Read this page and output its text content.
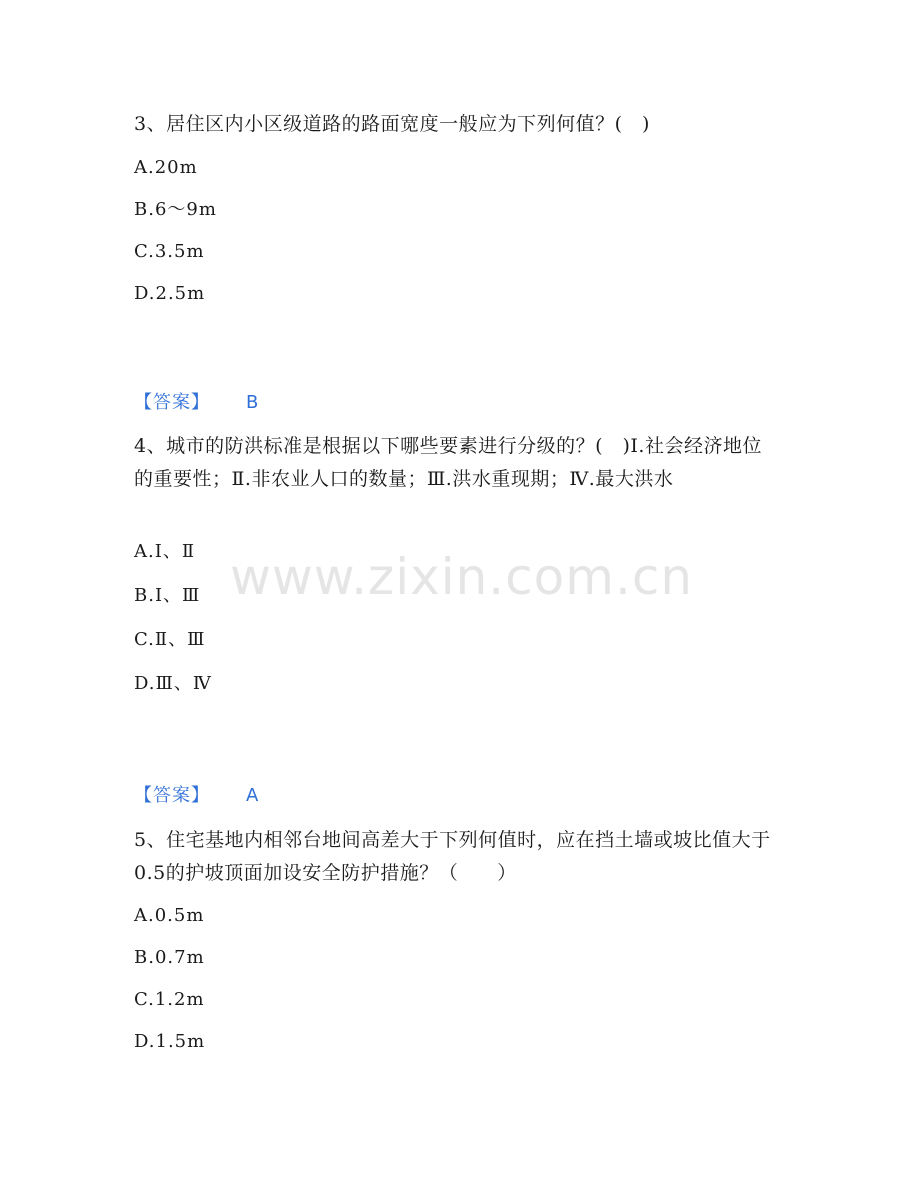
3、居住区内小区级道路的路面宽度一般应为下列何值？(　)

A.20m

B.6～9m

C.3.5m

D.2.5m

【答案】 B

4、城市的防洪标准是根据以下哪些要素进行分级的？(　)Ⅰ.社会经济地位的重要性；Ⅱ.非农业人口的数量；Ⅲ.洪水重现期；Ⅳ.最大洪水

A.Ⅰ、Ⅱ

B.Ⅰ、Ⅲ

C.Ⅱ、Ⅲ

D.Ⅲ、Ⅳ

【答案】 A

5、住宅基地内相邻台地间高差大于下列何值时，应在挡土墙或坡比值大于0.5的护坡顶面加设安全防护措施？（　　）

A.0.5m

B.0.7m

C.1.2m

D.1.5m

www.zixin.com.cn
